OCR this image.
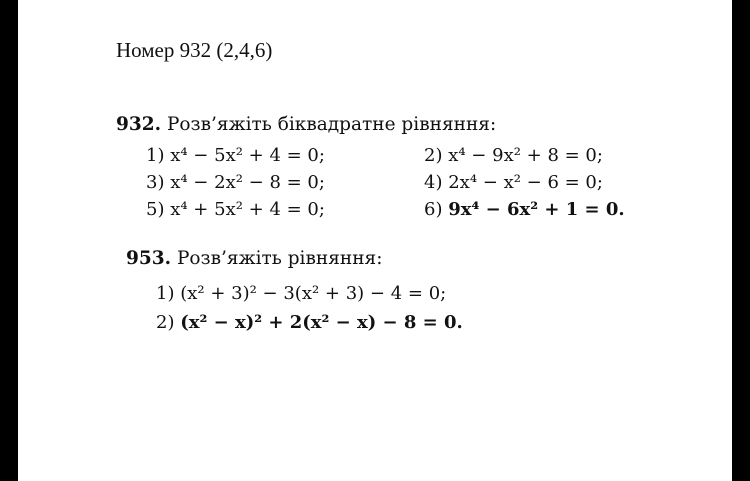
Номер 932 (2,4,6)
932. Розв’яжіть біквадратне рівняння:
1) x⁴ − 5x² + 4 = 0;	2) x⁴ − 9x² + 8 = 0;
3) x⁴ − 2x² − 8 = 0;	4) 2x⁴ − x² − 6 = 0;
5) x⁴ + 5x² + 4 = 0;	6) 9x⁴ − 6x² + 1 = 0.
953. Розв’яжіть рівняння:
1) (x² + 3)² − 3(x² + 3) − 4 = 0;
2) (x² − x)² + 2(x² − x) − 8 = 0.
